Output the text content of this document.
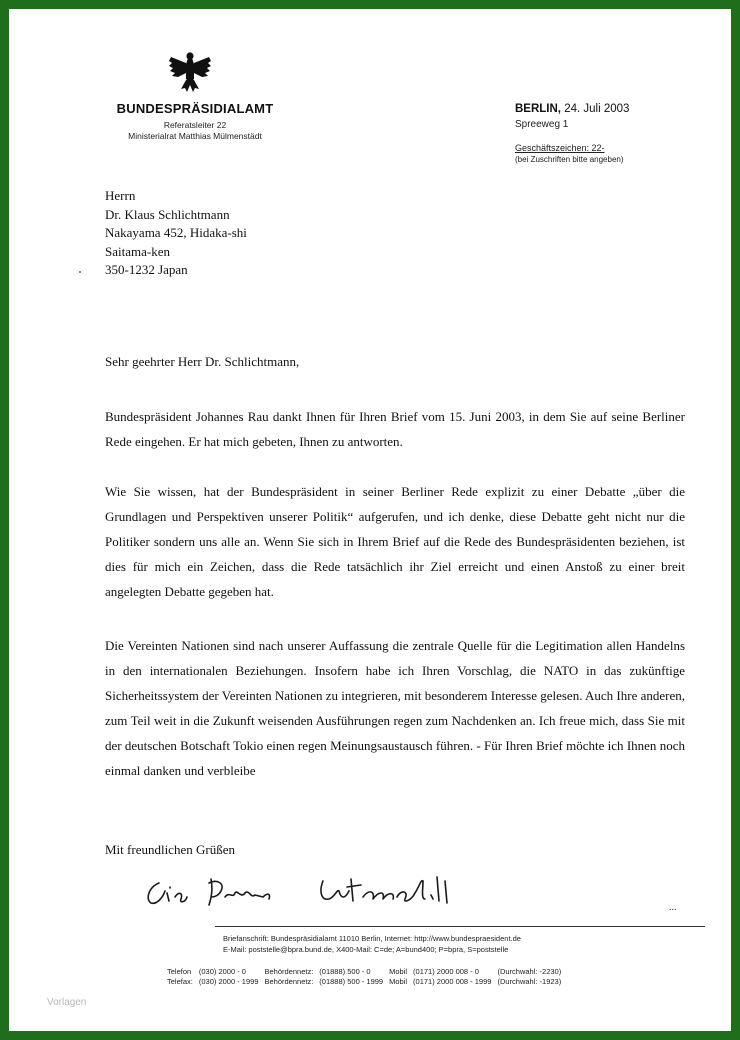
BUNDESPRÄSIDIALAMT
Referatsleiter 22
Ministerialrat Matthias Mülmenstädt
BERLIN, 24. Juli 2003
Spreeweg 1
Geschäftszeichen: 22-
(bei Zuschriften bitte angeben)
Herrn
Dr. Klaus Schlichtmann
Nakayama 452, Hidaka-shi
Saitama-ken
350-1232 Japan
Sehr geehrter Herr Dr. Schlichtmann,
Bundespräsident Johannes Rau dankt Ihnen für Ihren Brief vom 15. Juni 2003, in dem Sie auf seine Berliner Rede eingehen. Er hat mich gebeten, Ihnen zu antworten.
Wie Sie wissen, hat der Bundespräsident in seiner Berliner Rede explizit zu einer Debatte „über die Grundlagen und Perspektiven unserer Politik“ aufgerufen, und ich denke, diese Debatte geht nicht nur die Politiker sondern uns alle an. Wenn Sie sich in Ihrem Brief auf die Rede des Bundespräsidenten beziehen, ist dies für mich ein Zeichen, dass die Rede tatsächlich ihr Ziel erreicht und einen Anstoß zu einer breit angelegten Debatte gegeben hat.
Die Vereinten Nationen sind nach unserer Auffassung die zentrale Quelle für die Legitimation allen Handelns in den internationalen Beziehungen. Insofern habe ich Ihren Vorschlag, die NATO in das zukünftige Sicherheitssystem der Vereinten Nationen zu integrieren, mit besonderem Interesse gelesen. Auch Ihre anderen, zum Teil weit in die Zukunft weisenden Ausführungen regen zum Nachdenken an. Ich freue mich, dass Sie mit der deutschen Botschaft Tokio einen regen Meinungsaustausch führen. - Für Ihren Brief möchte ich Ihnen noch einmal danken und verbleibe
Mit freundlichen Grüßen
...
Briefanschrift: Bundespräsidialamt 11010 Berlin, Internet: http://www.bundespraesident.de
E-Mail: poststelle@bpra.bund.de, X400-Mail: C=de; A=bund400; P=bpra, S=poststelle
Telefon	(030) 2000 - 0	Behördennetz:	(01888) 500 - 0	Mobil	(0171) 2000 008 - 0	(Durchwahl: -2230)
Telefax:	(030) 2000 - 1999	Behördennetz:	(01888) 500 - 1999	Mobil	(0171) 2000 008 - 1999	(Durchwahl: -1923)
Vorlagen
